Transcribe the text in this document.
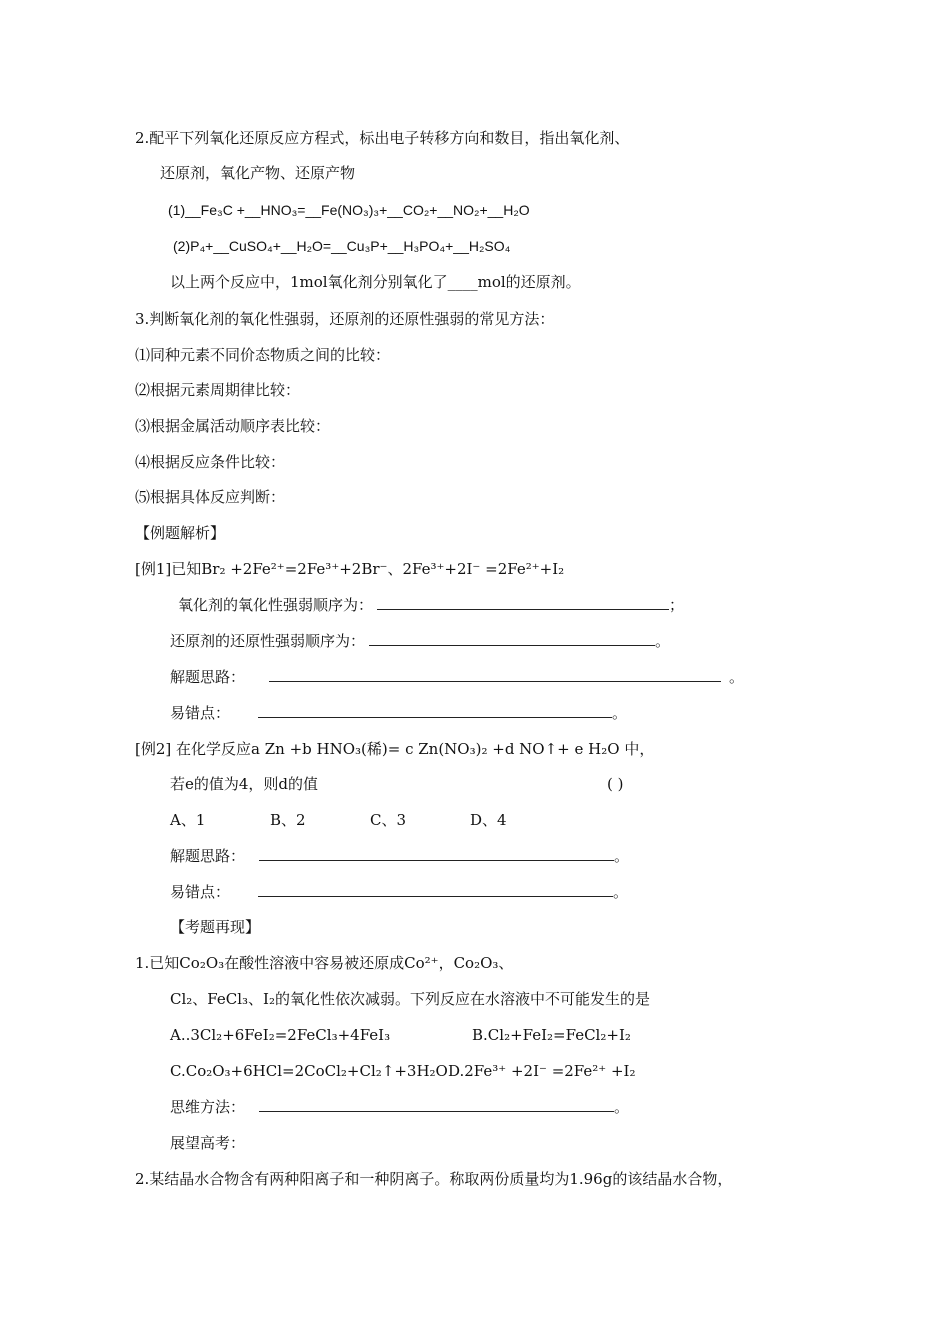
2.配平下列氧化还原反应方程式，标出电子转移方向和数目，指出氧化剂、
还原剂，氧化产物、还原产物
(1)__Fe₃C +__HNO₃=__Fe(NO₃)₃+__CO₂+__NO₂+__H₂O
(2)P₄+__CuSO₄+__H₂O=__Cu₃P+__H₃PO₄+__H₂SO₄
以上两个反应中，1mol氧化剂分别氧化了____mol的还原剂。
3.判断氧化剂的氧化性强弱，还原剂的还原性强弱的常见方法：
⑴同种元素不同价态物质之间的比较：
⑵根据元素周期律比较：
⑶根据金属活动顺序表比较：
⑷根据反应条件比较：
⑸根据具体反应判断：
【例题解析】
[例1]已知Br₂ +2Fe²⁺=2Fe³⁺+2Br⁻、2Fe³⁺+2I⁻ =2Fe²⁺+I₂
氧化剂的氧化性强弱顺序为：	；
还原剂的还原性强弱顺序为：	。
解题思路：	。
易错点：	。
[例2] 在化学反应a Zn +b HNO₃(稀)= c Zn(NO₃)₂ +d NO↑+ e H₂O 中，
若e的值为4，则d的值	( )
A、1	B、2	C、3	D、4
解题思路：	。
易错点：	。
【考题再现】
1.已知Co₂O₃在酸性溶液中容易被还原成Co²⁺，Co₂O₃、
Cl₂、FeCl₃、I₂的氧化性依次减弱。下列反应在水溶液中不可能发生的是
A..3Cl₂+6FeI₂=2FeCl₃+4FeI₃	B.Cl₂+FeI₂=FeCl₂+I₂
C.Co₂O₃+6HCl=2CoCl₂+Cl₂↑+3H₂O D.2Fe³⁺ +2I⁻ =2Fe²⁺ +I₂
思维方法：	。
展望高考：
2.某结晶水合物含有两种阳离子和一种阴离子。称取两份质量均为1.96g的该结晶水合物，
